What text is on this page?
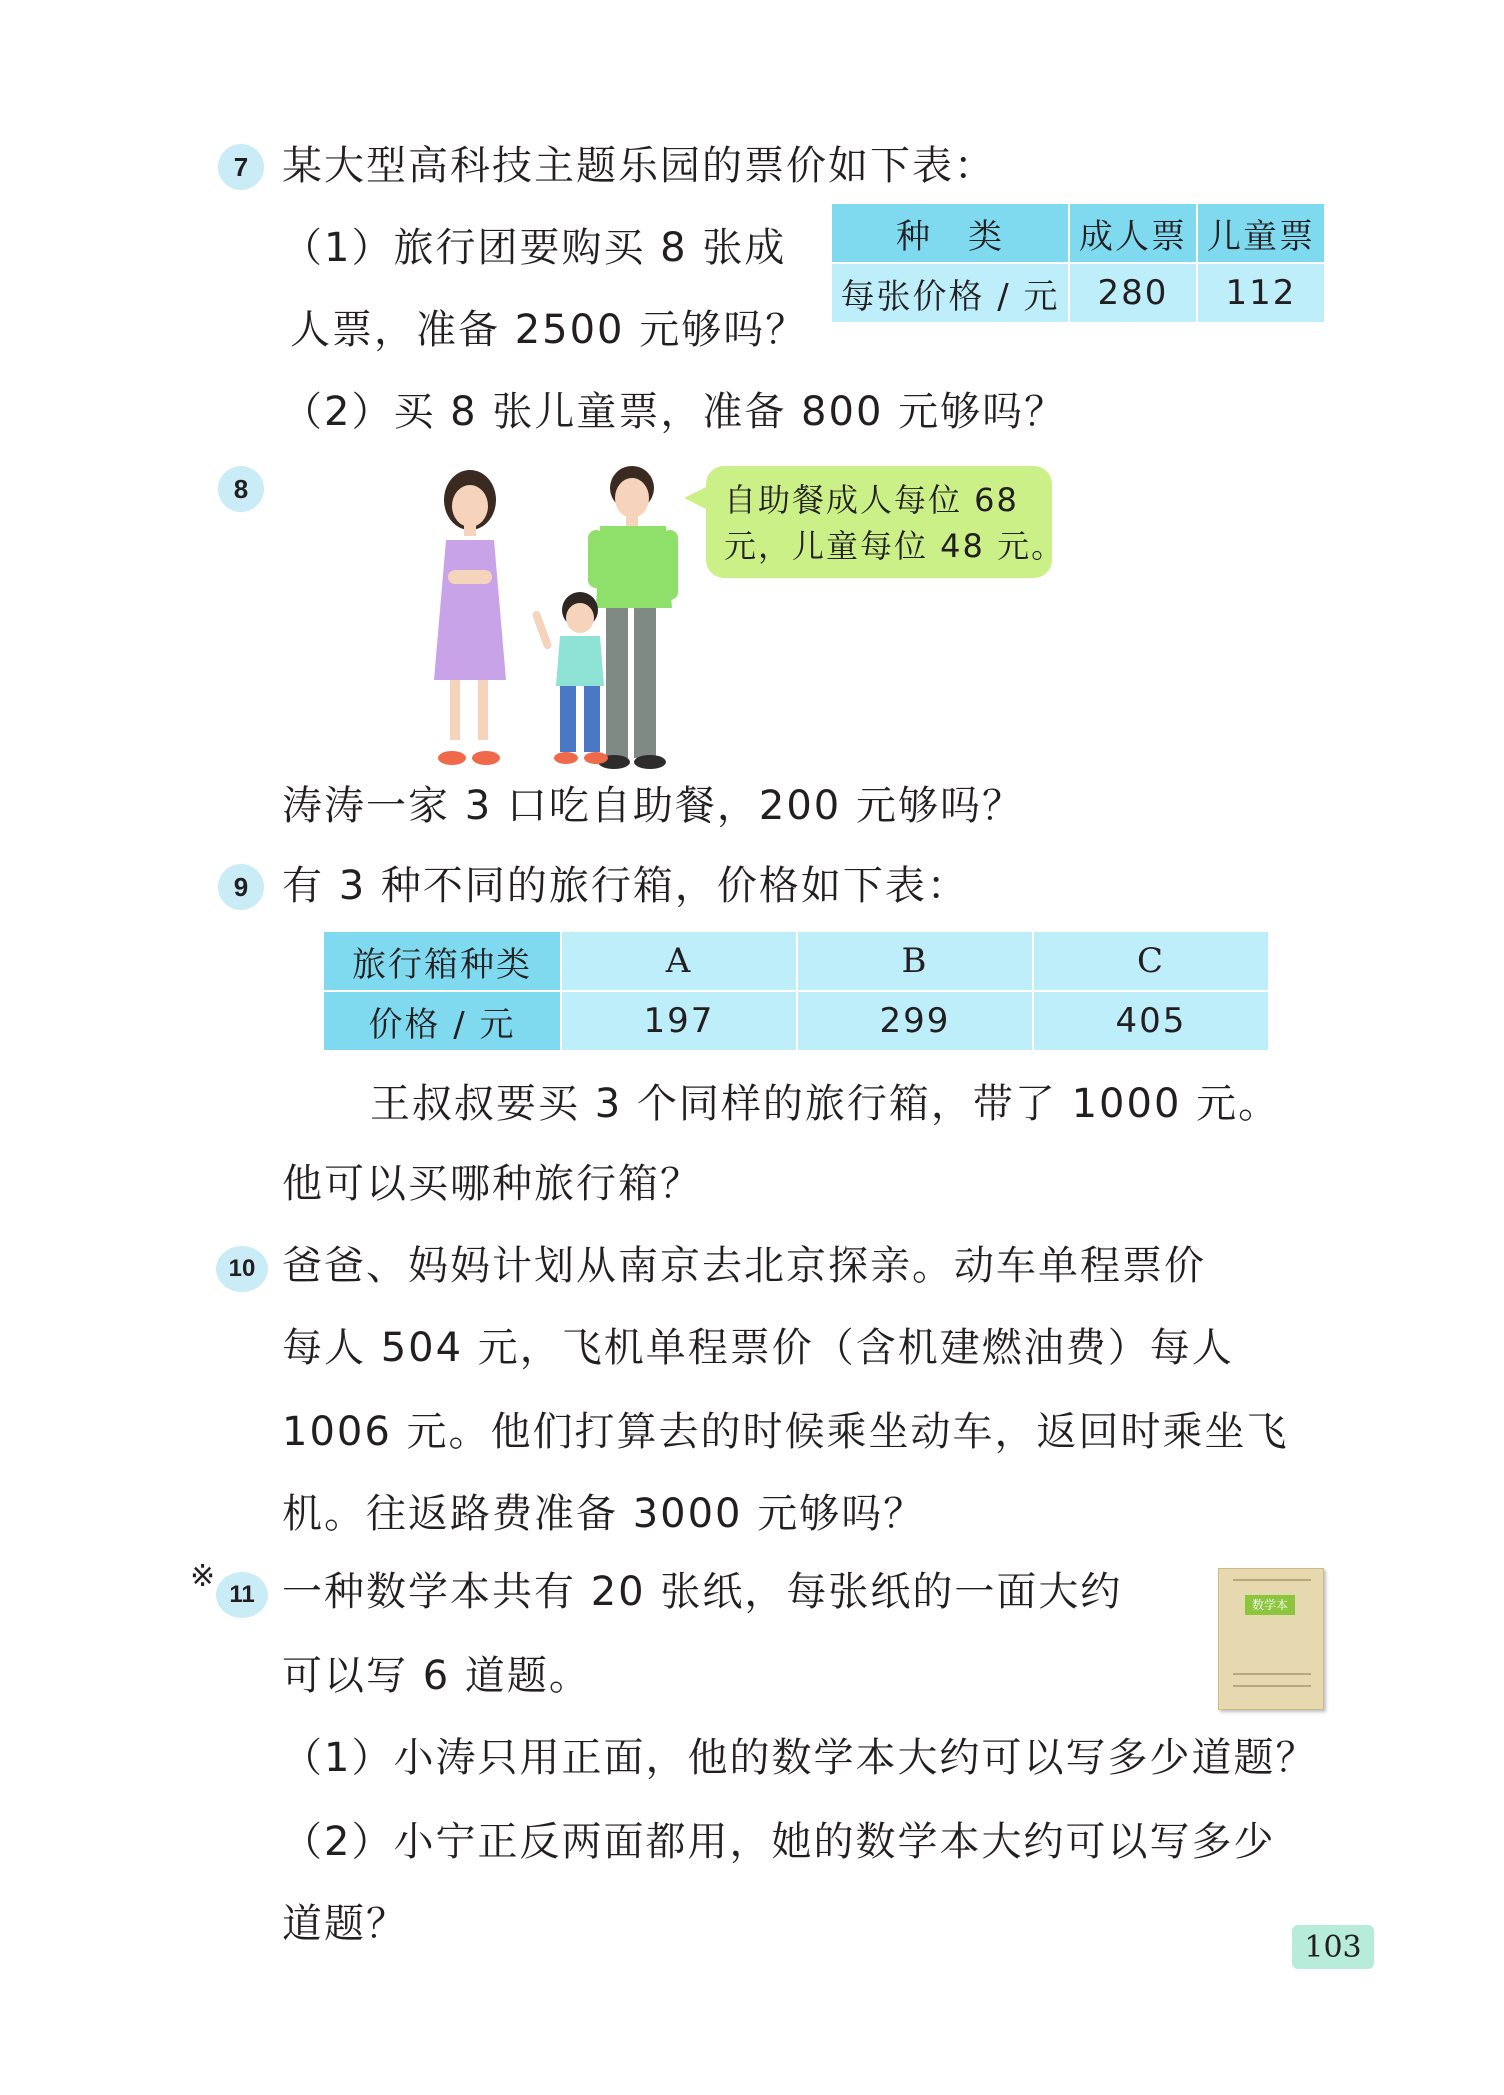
7 某大型高科技主题乐园的票价如下表：
（1）旅行团要购买 8 张成
人票，准备 2500 元够吗？
（2）买 8 张儿童票，准备 800 元够吗？
种　类	成人票	儿童票
每张价格 / 元	280	112
8	自助餐成人每位 68
元，儿童每位 48 元。
涛涛一家 3 口吃自助餐，200 元够吗？
9 有 3 种不同的旅行箱，价格如下表：
旅行箱种类	A	B	C
价格 / 元	197	299	405
王叔叔要买 3 个同样的旅行箱，带了 1000 元。
他可以买哪种旅行箱？
10 爸爸、妈妈计划从南京去北京探亲。动车单程票价
每人 504 元，飞机单程票价（含机建燃油费）每人
1006 元。他们打算去的时候乘坐动车，返回时乘坐飞
机。往返路费准备 3000 元够吗？
※
11 一种数学本共有 20 张纸，每张纸的一面大约
可以写 6 道题。
（1）小涛只用正面，他的数学本大约可以写多少道题？
（2）小宁正反两面都用，她的数学本大约可以写多少
道题？
数学本
103
